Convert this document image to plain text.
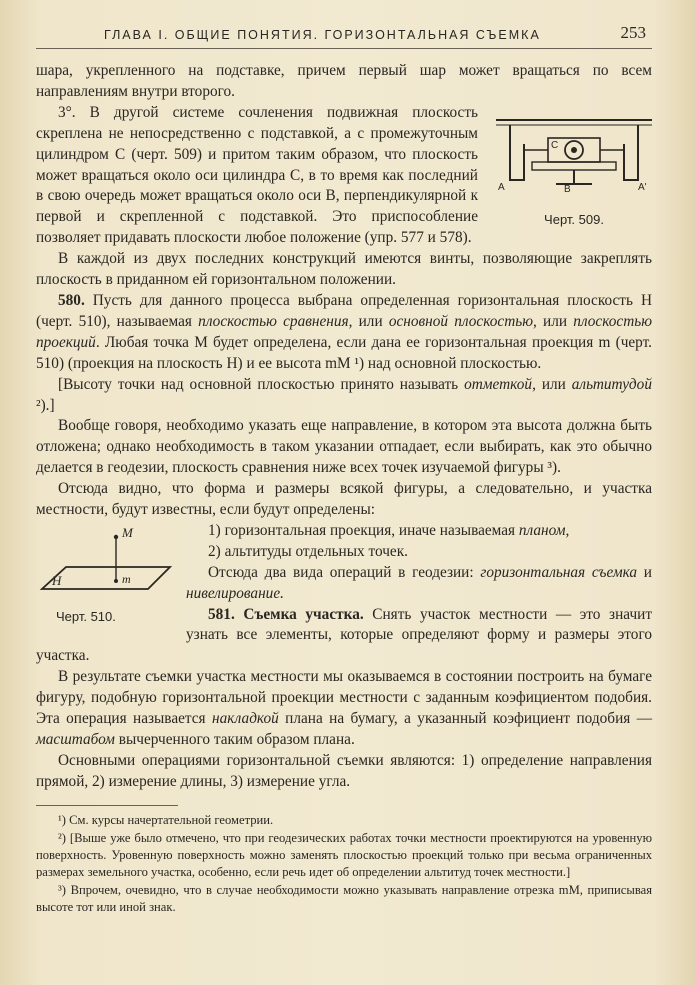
ГЛАВА I. ОБЩИЕ ПОНЯТИЯ. ГОРИЗОНТАЛЬНАЯ СЪЕМКА	253

шара, укрепленного на подставке, причем первый шар может вращаться по всем направлениям внутри второго.

C
A	B	A'
Черт. 509.

3°. В другой системе сочленения подвижная плоскость скреплена не непосредственно с подставкой, а с промежуточным цилиндром C (черт. 509) и притом таким образом, что плоскость может вращаться около оси цилиндра C, в то время как последний в свою очередь может вращаться около оси B, перпендикулярной к первой и скрепленной с подставкой. Это приспособление позволяет придавать плоскости любое положение (упр. 577 и 578).

В каждой из двух последних конструкций имеются винты, позволяющие закреплять плоскость в приданном ей горизонтальном положении.

580. Пусть для данного процесса выбрана определенная горизонтальная плоскость H (черт. 510), называемая плоскостью сравнения, или основной плоскостью, или плоскостью проекций. Любая точка M будет определена, если дана ее горизонтальная проекция m (черт. 510) (проекция на плоскость H) и ее высота mM ¹) над основной плоскостью.

[Высоту точки над основной плоскостью принято называть отметкой, или альтитудой ²).]

Вообще говоря, необходимо указать еще направление, в котором эта высота должна быть отложена; однако необходимость в таком указании отпадает, если выбирать, как это обычно делается в геодезии, плоскость сравнения ниже всех точек изучаемой фигуры ³).

Отсюда видно, что форма и размеры всякой фигуры, а следовательно, и участка местности, будут известны, если будут определены:

M
m
H
Черт. 510.

1) горизонтальная проекция, иначе называемая планом,

2) альтитуды отдельных точек.

Отсюда два вида операций в геодезии: горизонтальная съемка и нивелирование.

581. Съемка участка. Снять участок местности — это значит узнать все элементы, которые определяют форму и размеры этого участка.

В результате съемки участка местности мы оказываемся в состоянии построить на бумаге фигуру, подобную горизонтальной проекции местности с заданным коэфициентом подобия. Эта операция называется накладкой плана на бумагу, а указанный коэфициент подобия — масштабом вычерченного таким образом плана.

Основными операциями горизонтальной съемки являются: 1) определение направления прямой, 2) измерение длины, 3) измерение угла.

¹) См. курсы начертательной геометрии.

²) [Выше уже было отмечено, что при геодезических работах точки местности проектируются на уровенную поверхность. Уровенную поверхность можно заменять плоскостью проекций только при весьма ограниченных размерах земельного участка, особенно, если речь идет об определении альтитуд точек местности.]

³) Впрочем, очевидно, что в случае необходимости можно указывать направление отрезка mM, приписывая высоте тот или иной знак.
